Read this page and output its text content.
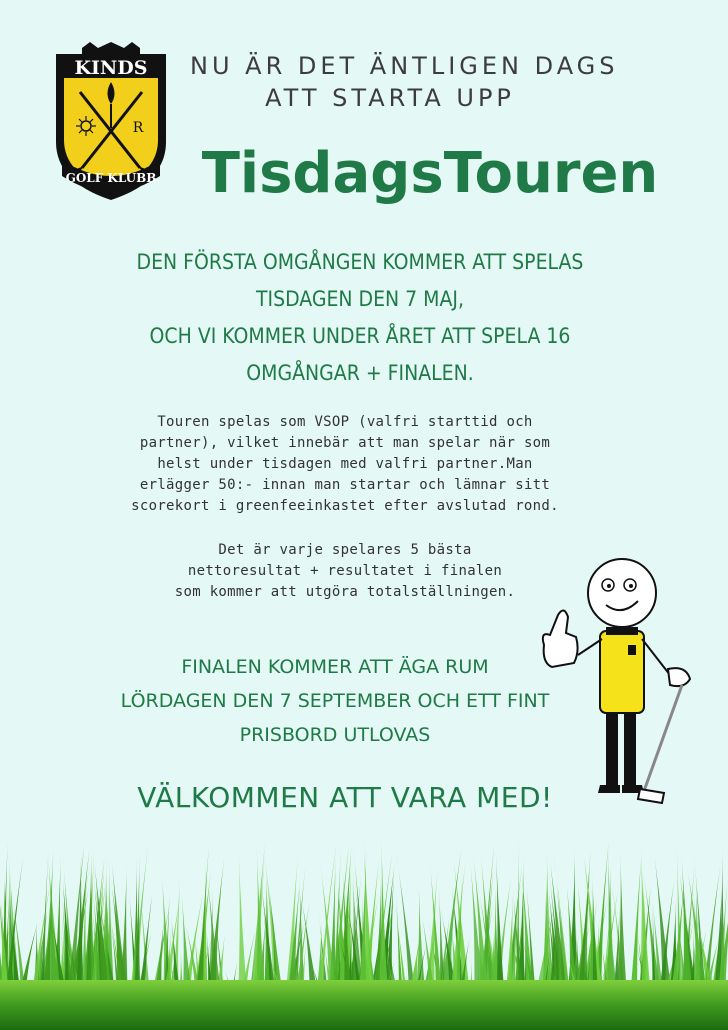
KINDS
R
GOLF KLUBB
NU ÄR DET ÄNTLIGEN DAGS
ATT STARTA UPP
TisdagsTouren
DEN FÖRSTA OMGÅNGEN KOMMER ATT SPELAS
TISDAGEN DEN 7 MAJ,
OCH VI KOMMER UNDER ÅRET ATT SPELA 16
OMGÅNGAR + FINALEN.
Touren spelas som VSOP (valfri starttid och
partner), vilket innebär att man spelar när som
helst under tisdagen med valfri partner.Man
erlägger 50:- innan man startar och lämnar sitt
scorekort i greenfeeinkastet efter avslutad rond.
Det är varje spelares 5 bästa
nettoresultat + resultatet i finalen
som kommer att utgöra totalställningen.
FINALEN KOMMER ATT ÄGA RUM
LÖRDAGEN DEN 7 SEPTEMBER OCH ETT FINT
PRISBORD UTLOVAS
VÄLKOMMEN ATT VARA MED!
